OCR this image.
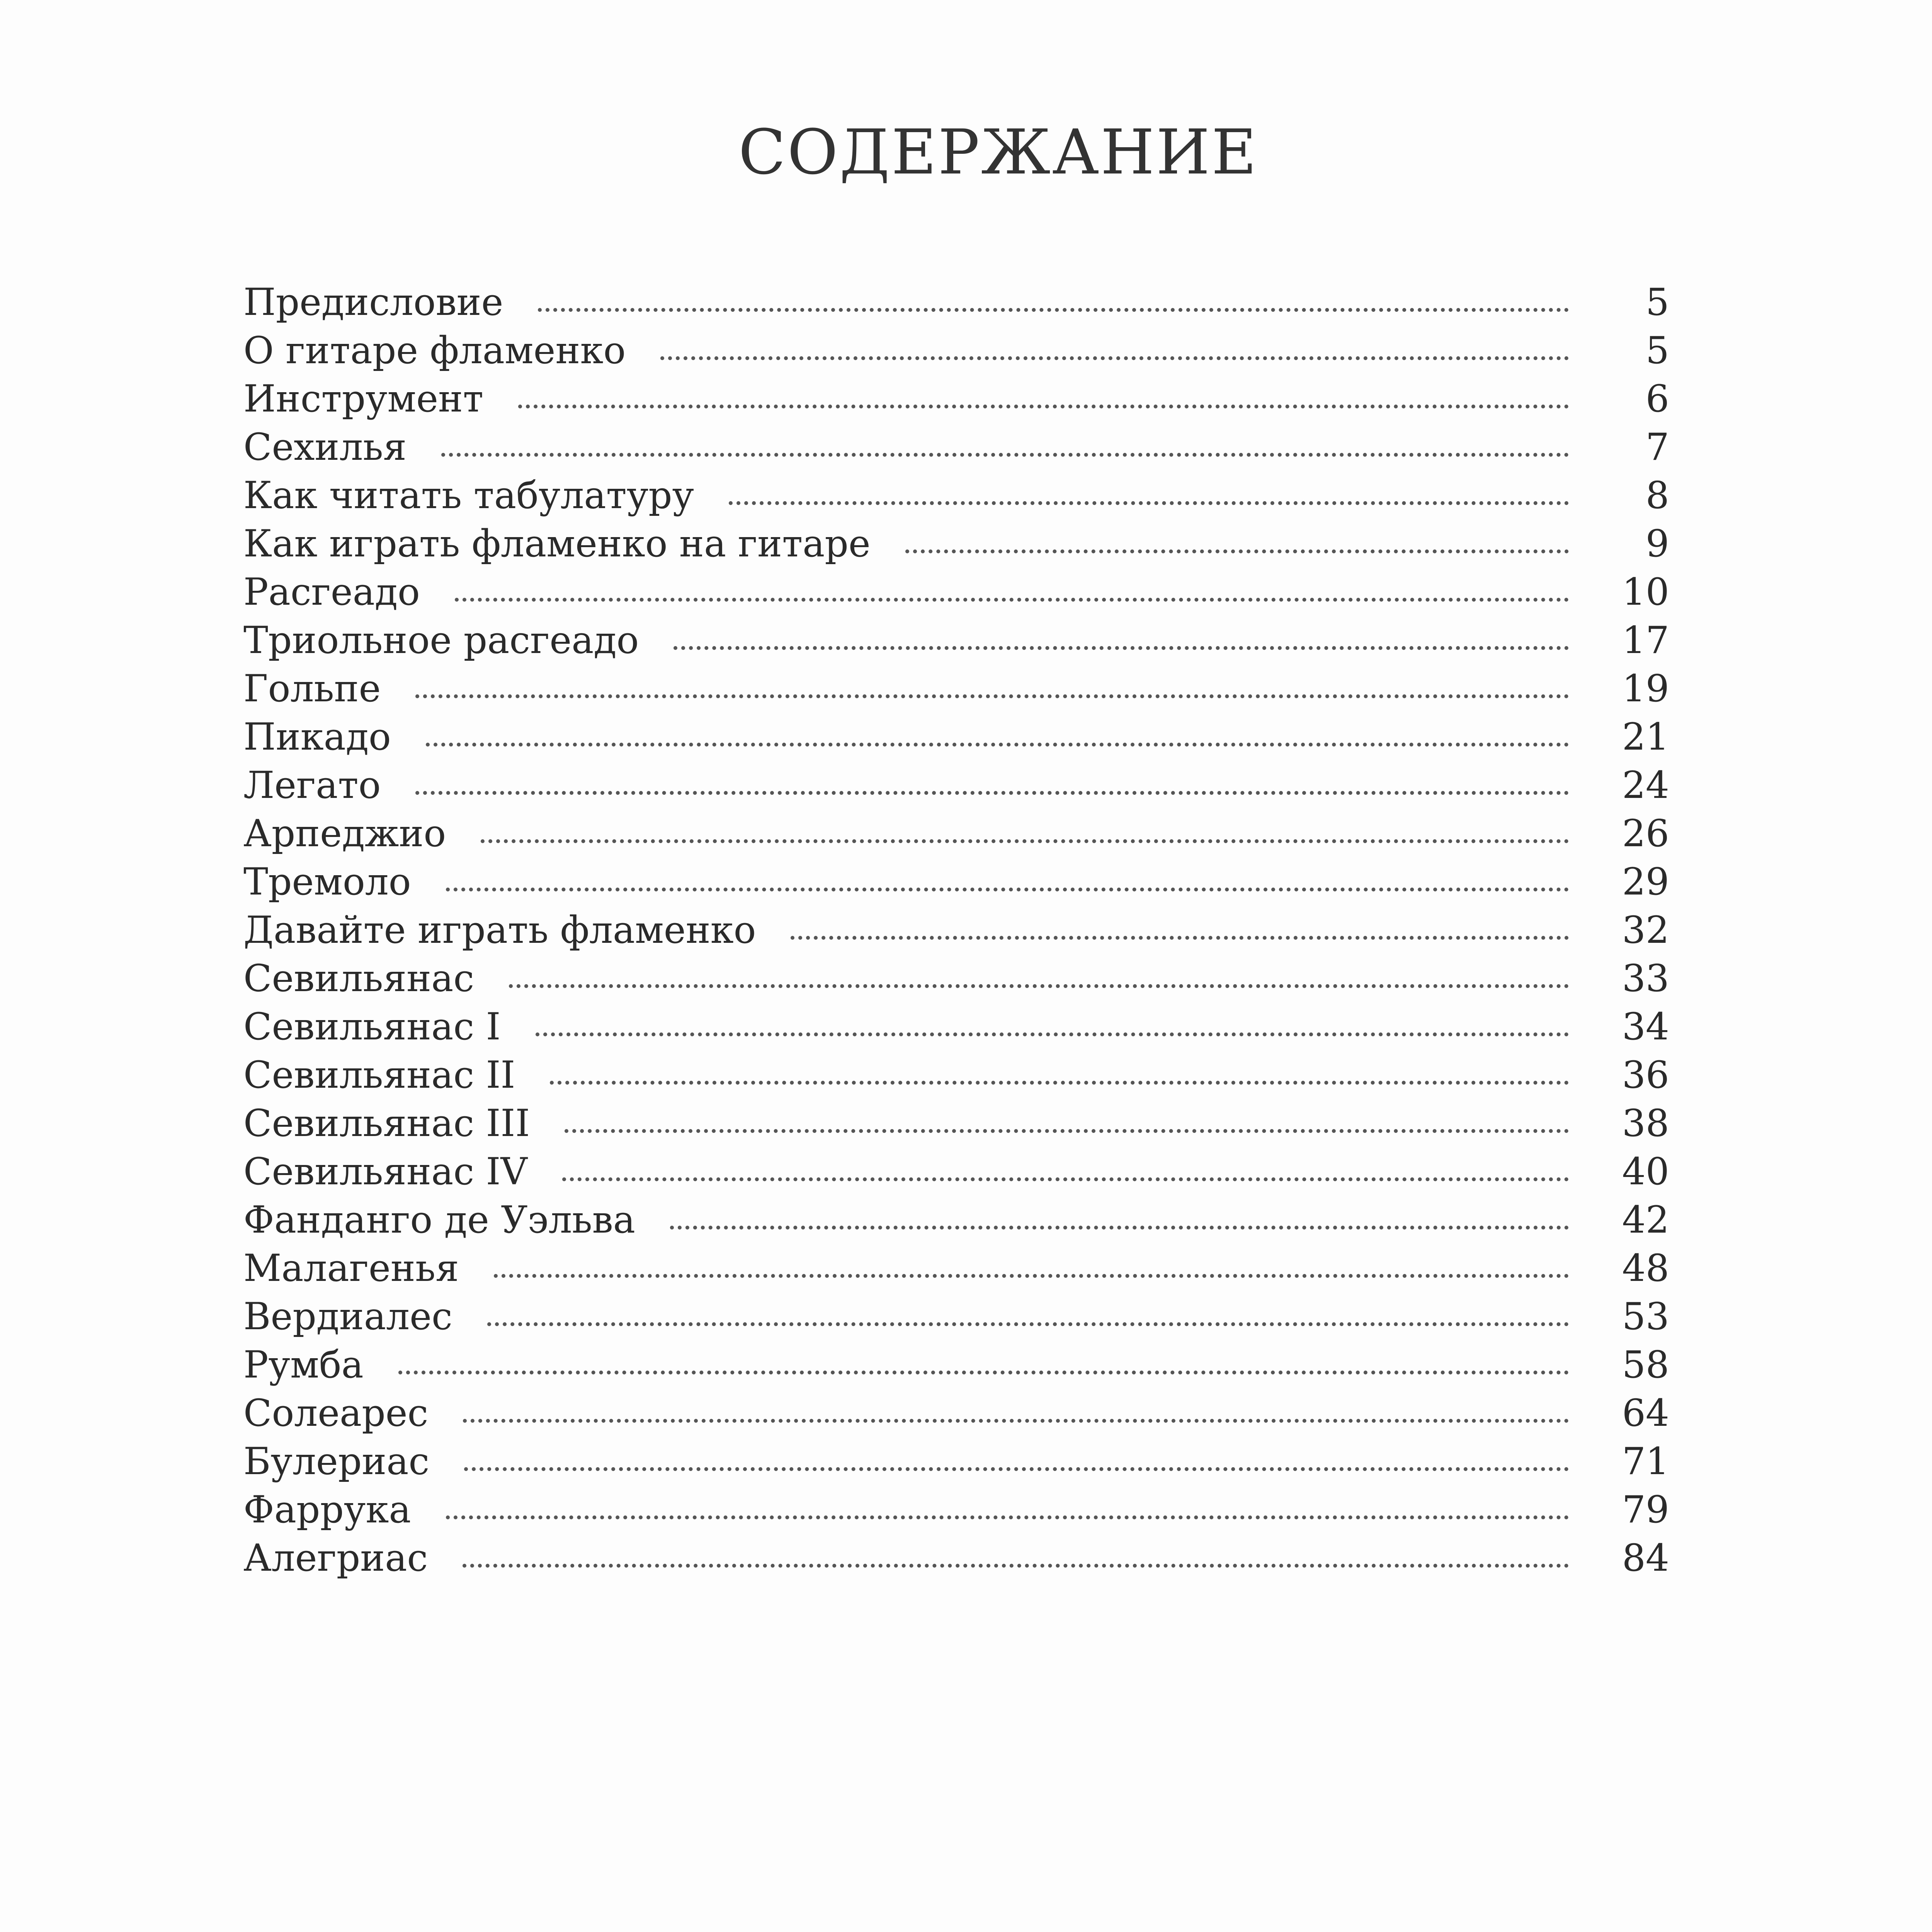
СОДЕРЖАНИЕ
Предисловие	5
О гитаре фламенко	5
Инструмент	6
Сехилья	7
Как читать табулатуру	8
Как играть фламенко на гитаре	9
Расгеадо	10
Триольное расгеадо	17
Гольпе	19
Пикадо	21
Легато	24
Арпеджио	26
Тремоло	29
Давайте играть фламенко	32
Севильянас	33
Севильянас I	34
Севильянас II	36
Севильянас III	38
Севильянас IV	40
Фанданго де Уэльва	42
Малагенья	48
Вердиалес	53
Румба	58
Солеарес	64
Булериас	71
Фаррука	79
Алегриас	84
